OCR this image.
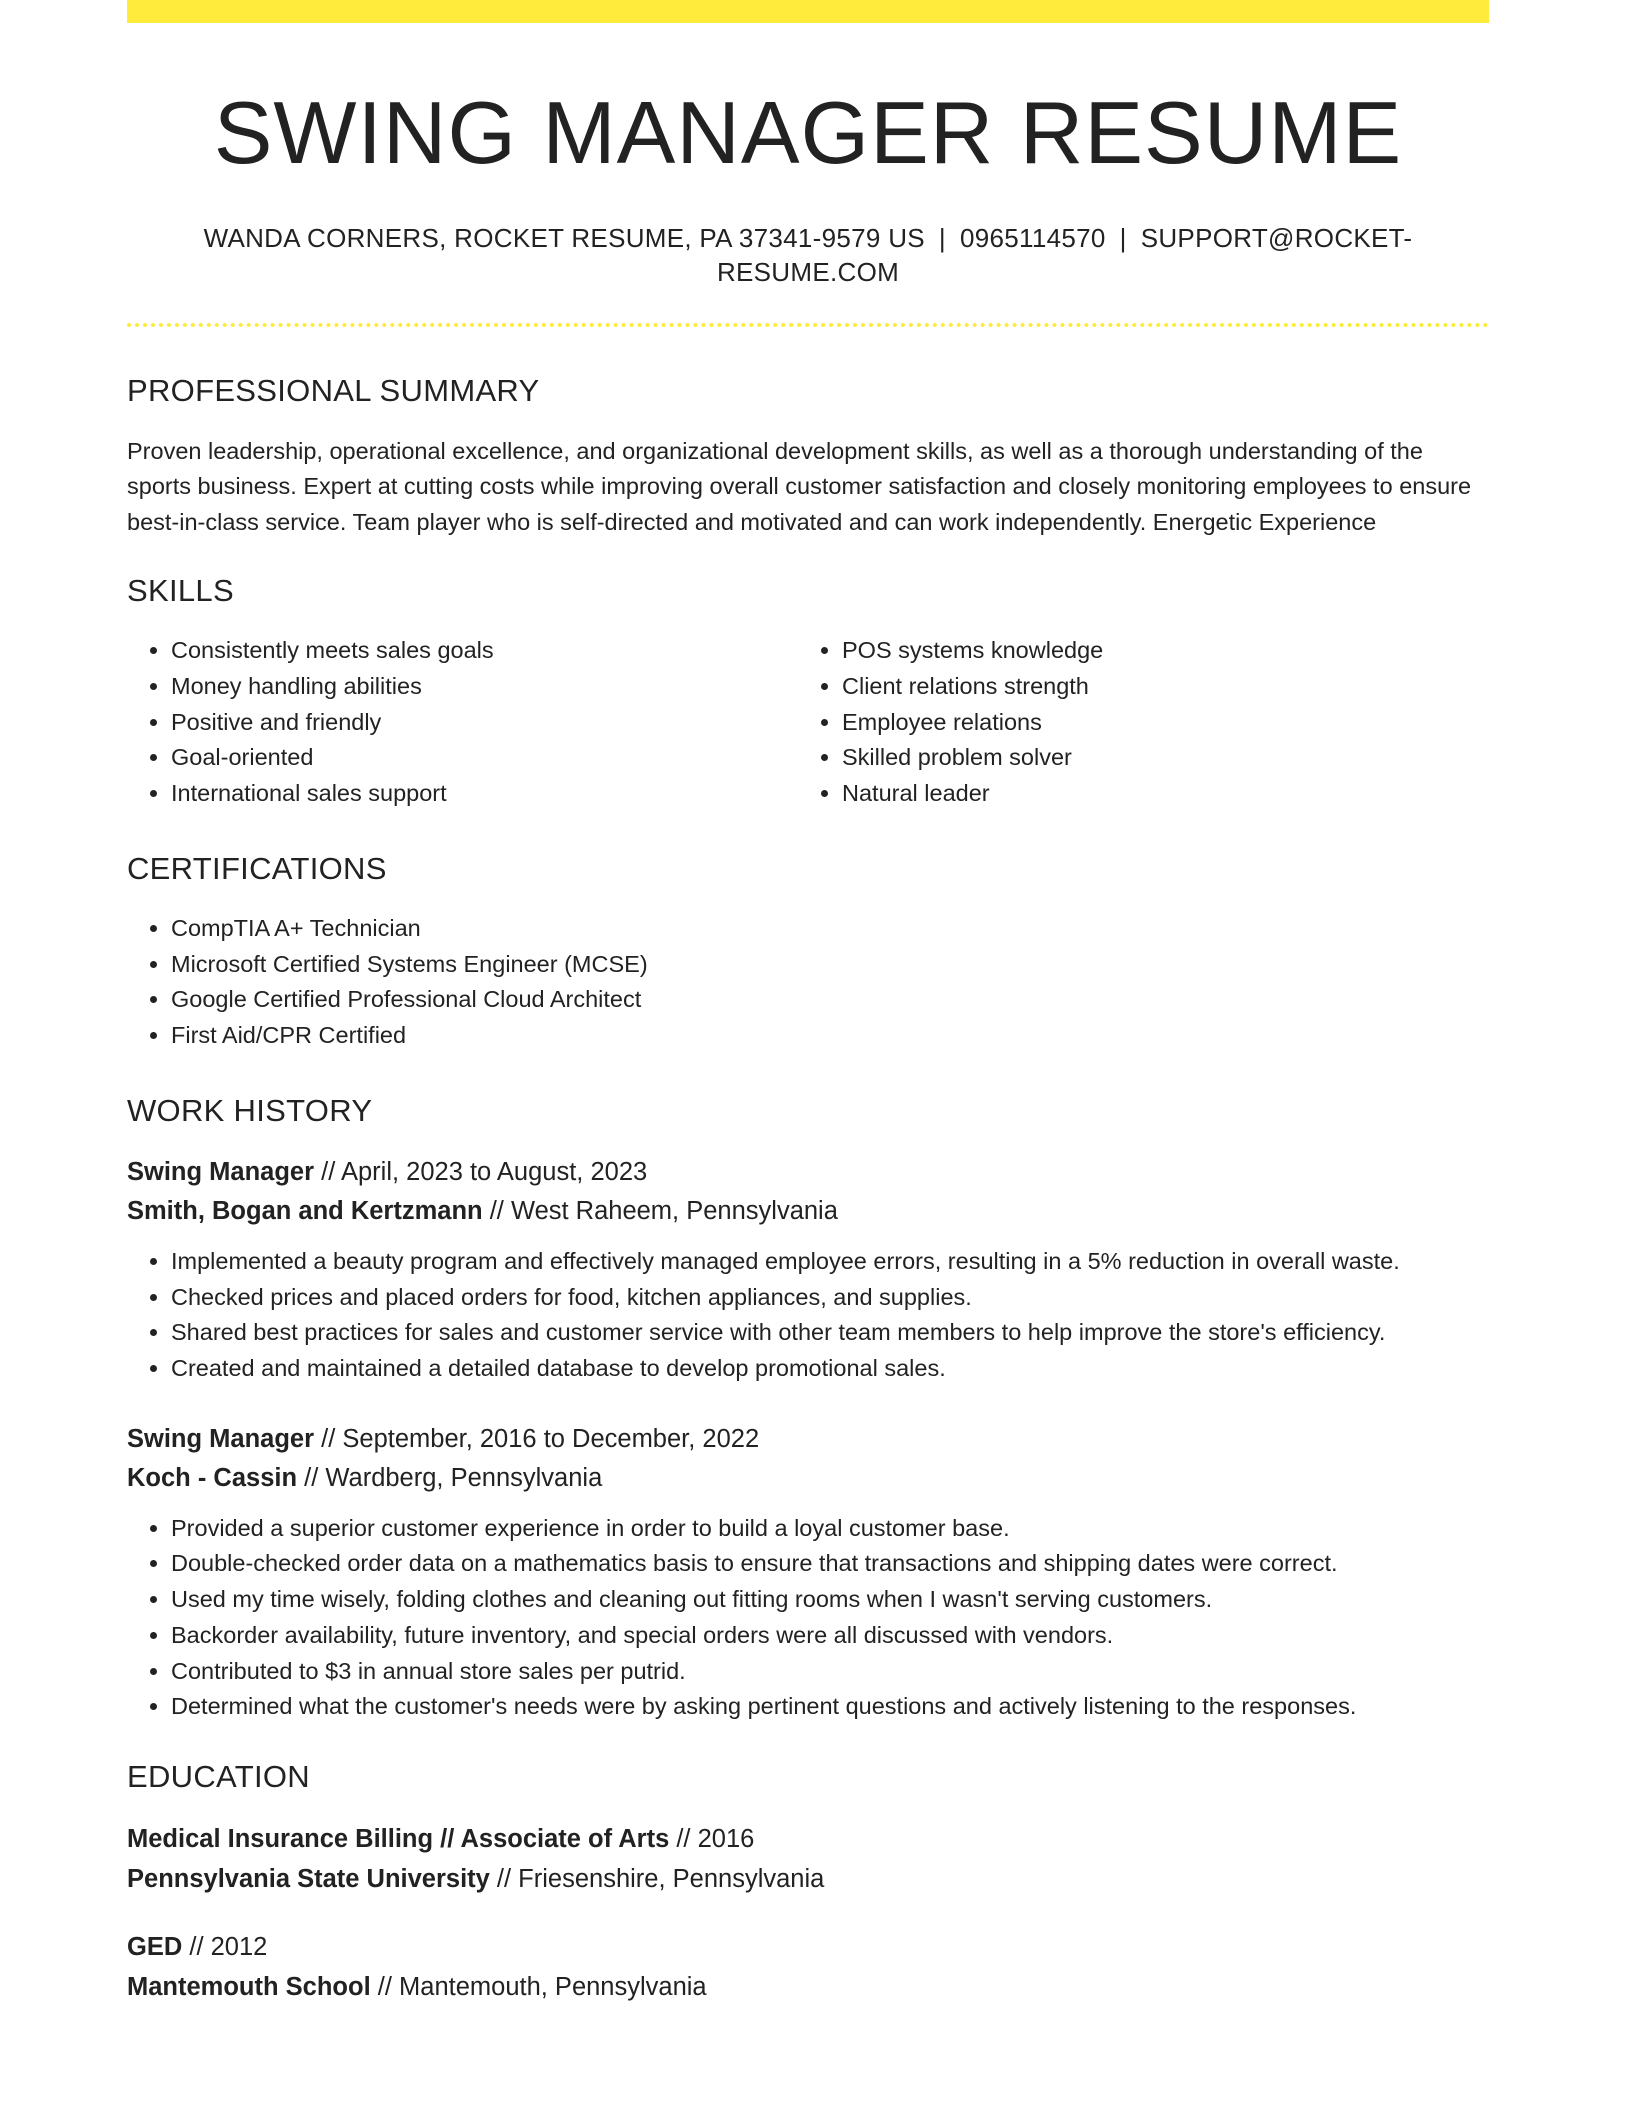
SWING MANAGER RESUME
WANDA CORNERS, ROCKET RESUME, PA 37341-9579 US | 0965114570 | SUPPORT@ROCKET-RESUME.COM
PROFESSIONAL SUMMARY

Proven leadership, operational excellence, and organizational development skills, as well as a thorough understanding of the sports business. Expert at cutting costs while improving overall customer satisfaction and closely monitoring employees to ensure best-in-class service. Team player who is self-directed and motivated and can work independently. Energetic Experience

SKILLS
• Consistently meets sales goals
• Money handling abilities
• Positive and friendly
• Goal-oriented
• International sales support
• POS systems knowledge
• Client relations strength
• Employee relations
• Skilled problem solver
• Natural leader
CERTIFICATIONS
• CompTIA A+ Technician
• Microsoft Certified Systems Engineer (MCSE)
• Google Certified Professional Cloud Architect
• First Aid/CPR Certified
WORK HISTORY
Swing Manager // April, 2023 to August, 2023
Smith, Bogan and Kertzmann // West Raheem, Pennsylvania
• Implemented a beauty program and effectively managed employee errors, resulting in a 5% reduction in overall waste.
• Checked prices and placed orders for food, kitchen appliances, and supplies.
• Shared best practices for sales and customer service with other team members to help improve the store's efficiency.
• Created and maintained a detailed database to develop promotional sales.
Swing Manager // September, 2016 to December, 2022
Koch - Cassin // Wardberg, Pennsylvania
• Provided a superior customer experience in order to build a loyal customer base.
• Double-checked order data on a mathematics basis to ensure that transactions and shipping dates were correct.
• Used my time wisely, folding clothes and cleaning out fitting rooms when I wasn't serving customers.
• Backorder availability, future inventory, and special orders were all discussed with vendors.
• Contributed to $3 in annual store sales per putrid.
• Determined what the customer's needs were by asking pertinent questions and actively listening to the responses.
EDUCATION
Medical Insurance Billing // Associate of Arts // 2016
Pennsylvania State University // Friesenshire, Pennsylvania
GED // 2012
Mantemouth School // Mantemouth, Pennsylvania
